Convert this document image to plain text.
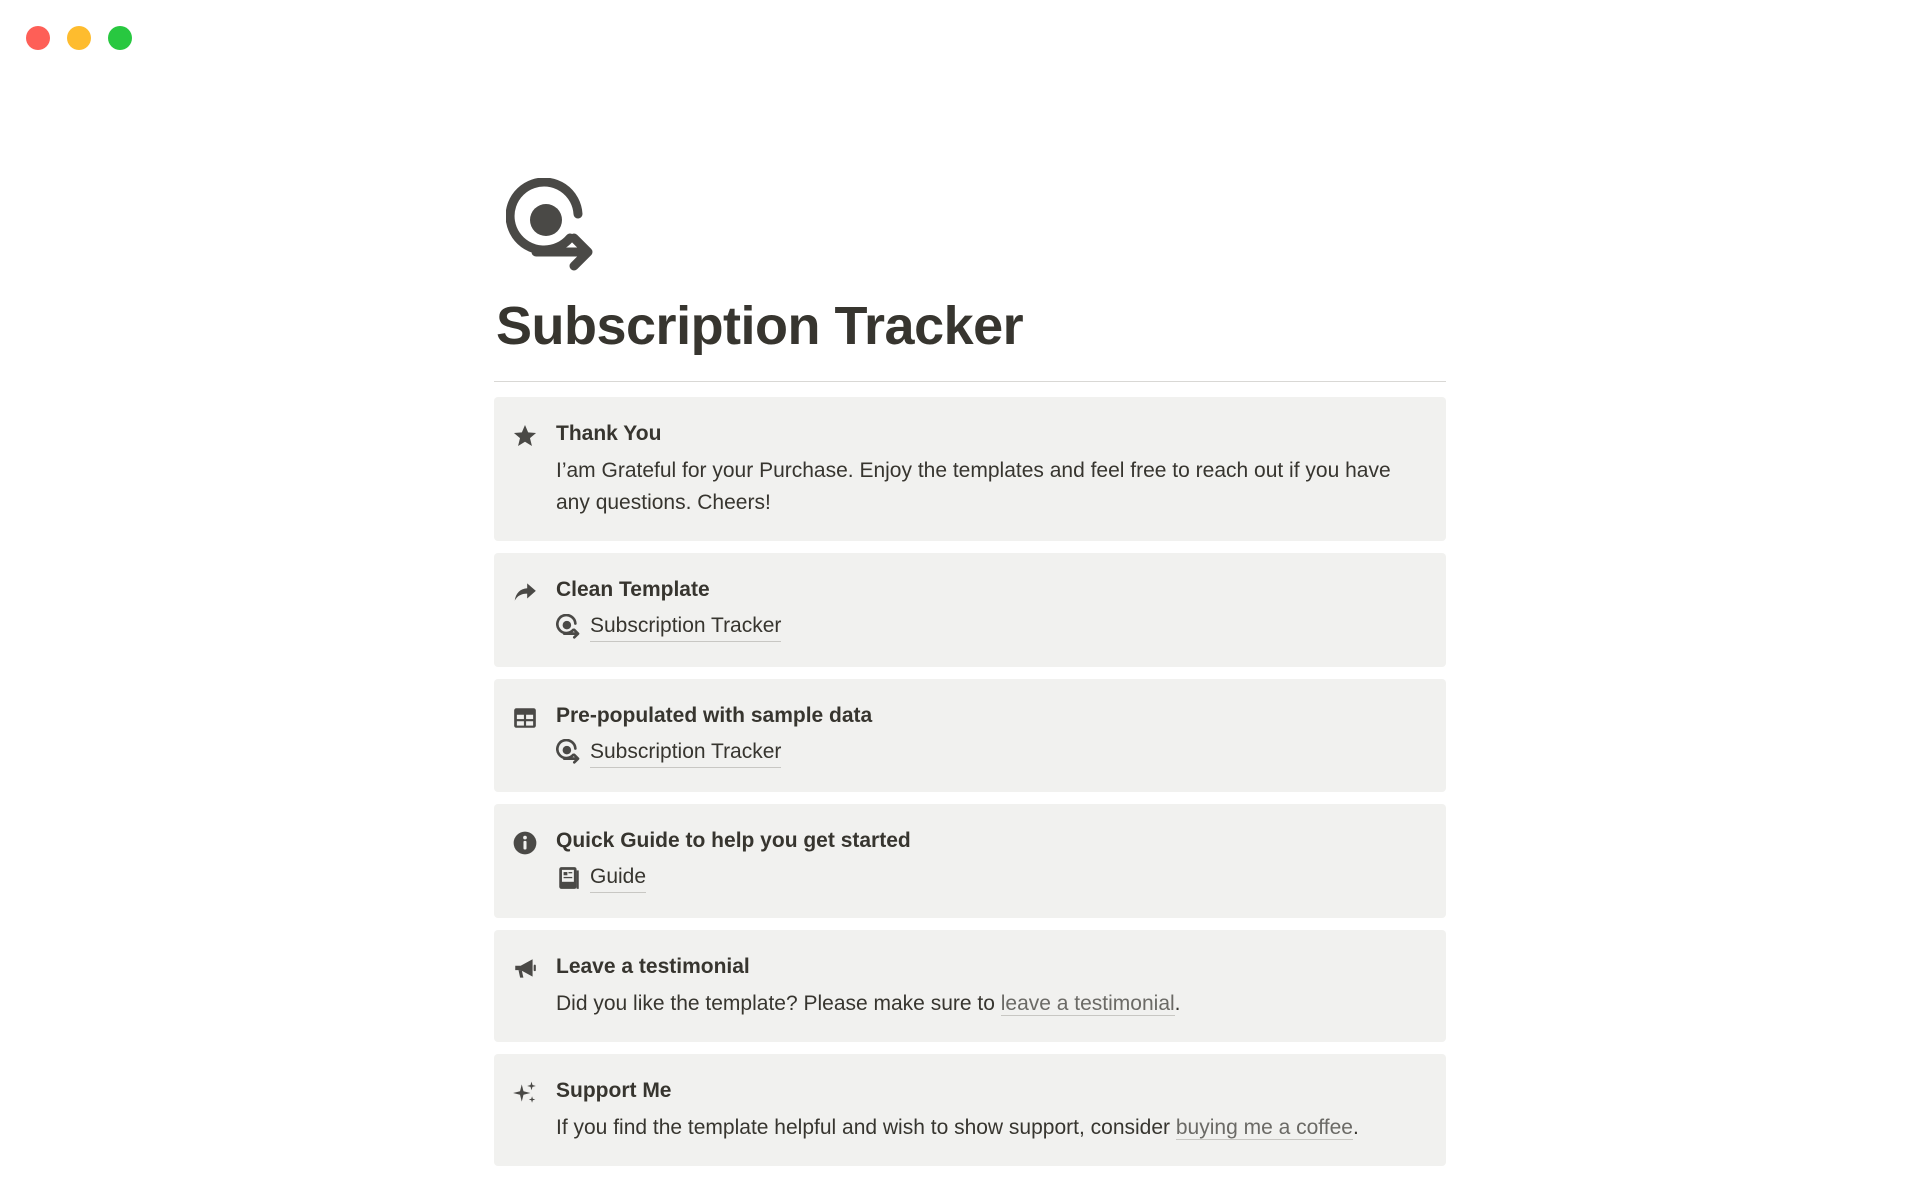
Subscription Tracker
Thank You
I’am Grateful for your Purchase. Enjoy the templates and feel free to reach out if you have any questions. Cheers!
Clean Template
Subscription Tracker
Pre-populated with sample data
Subscription Tracker
Quick Guide to help you get started
Guide
Leave a testimonial
Did you like the template? Please make sure to leave a testimonial.
Support Me
If you find the template helpful and wish to show support, consider buying me a coffee.
